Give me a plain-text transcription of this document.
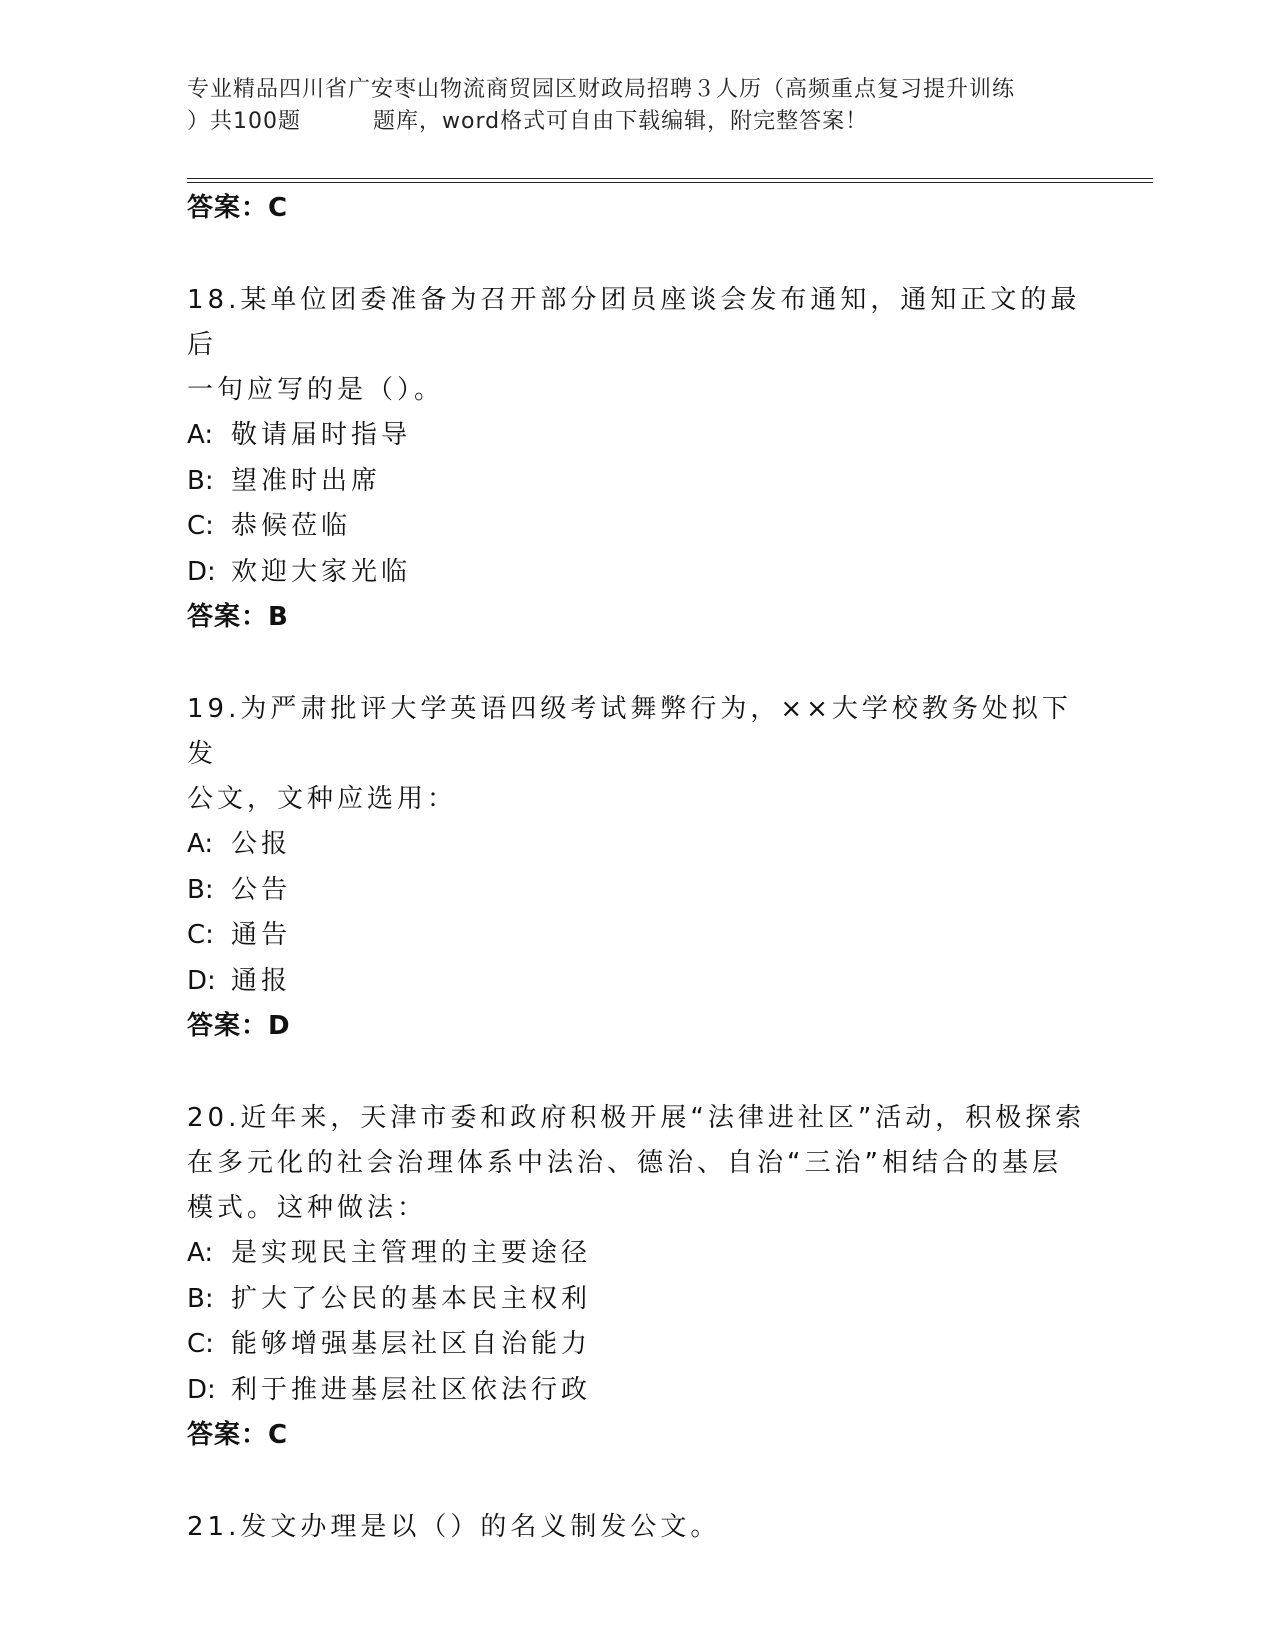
专业精品四川省广安枣山物流商贸园区财政局招聘３人历（高频重点复习提升训练
）共100题	题库，word格式可自由下载编辑，附完整答案！
答案：C
18.某单位团委准备为召开部分团员座谈会发布通知，通知正文的最后
一句应写的是（）。
A: 敬请届时指导
B: 望准时出席
C: 恭候莅临
D: 欢迎大家光临
答案：B
19.为严肃批评大学英语四级考试舞弊行为，××大学校教务处拟下发
公文，文种应选用：
A: 公报
B: 公告
C: 通告
D: 通报
答案：D
20.近年来，天津市委和政府积极开展“法律进社区”活动，积极探索
在多元化的社会治理体系中法治、德治、自治“三治”相结合的基层
模式。这种做法：
A: 是实现民主管理的主要途径
B: 扩大了公民的基本民主权利
C: 能够增强基层社区自治能力
D: 利于推进基层社区依法行政
答案：C
21.发文办理是以（）的名义制发公文。
